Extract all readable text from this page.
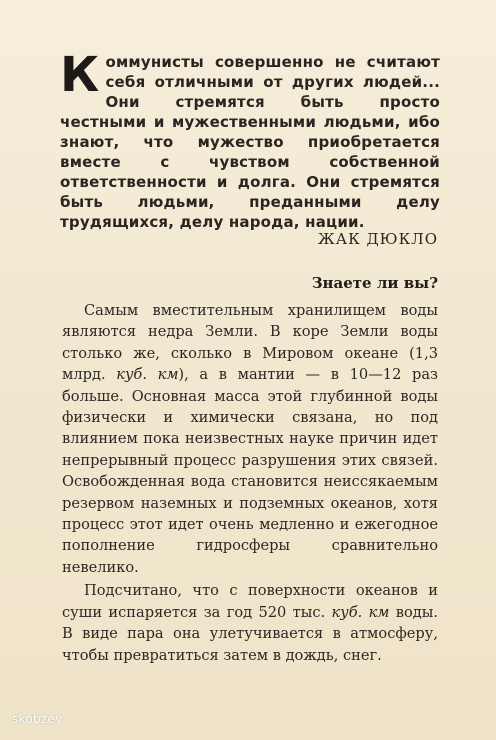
Коммунисты совершенно не считают себя отличными от других людей... Они стремятся быть просто честными и мужественными людьми, ибо знают, что мужество приобретается вместе с чувством собственной ответственности и долга. Они стремятся быть людьми, преданными делу трудящихся, делу народа, нации.
ЖАК ДЮКЛО
Знаете ли вы?

Самым вместительным хранилищем воды являются недра Земли. В коре Земли воды столько же, сколько в Мировом океане (1,3 млрд. куб. км), а в мантии — в 10—12 раз больше. Основная масса этой глубинной воды физически и химически связана, но под влиянием пока неизвестных науке причин идет непрерывный процесс разрушения этих связей. Освобожденная вода становится неиссякаемым резервом наземных и подземных океанов, хотя процесс этот идет очень медленно и ежегодное пополнение гидросферы сравнительно невелико.

Подсчитано, что с поверхности океанов и суши испаряется за год 520 тыс. куб. км воды. В виде пара она улетучивается в атмосферу, чтобы превратиться затем в дождь, снег.

skobzev
